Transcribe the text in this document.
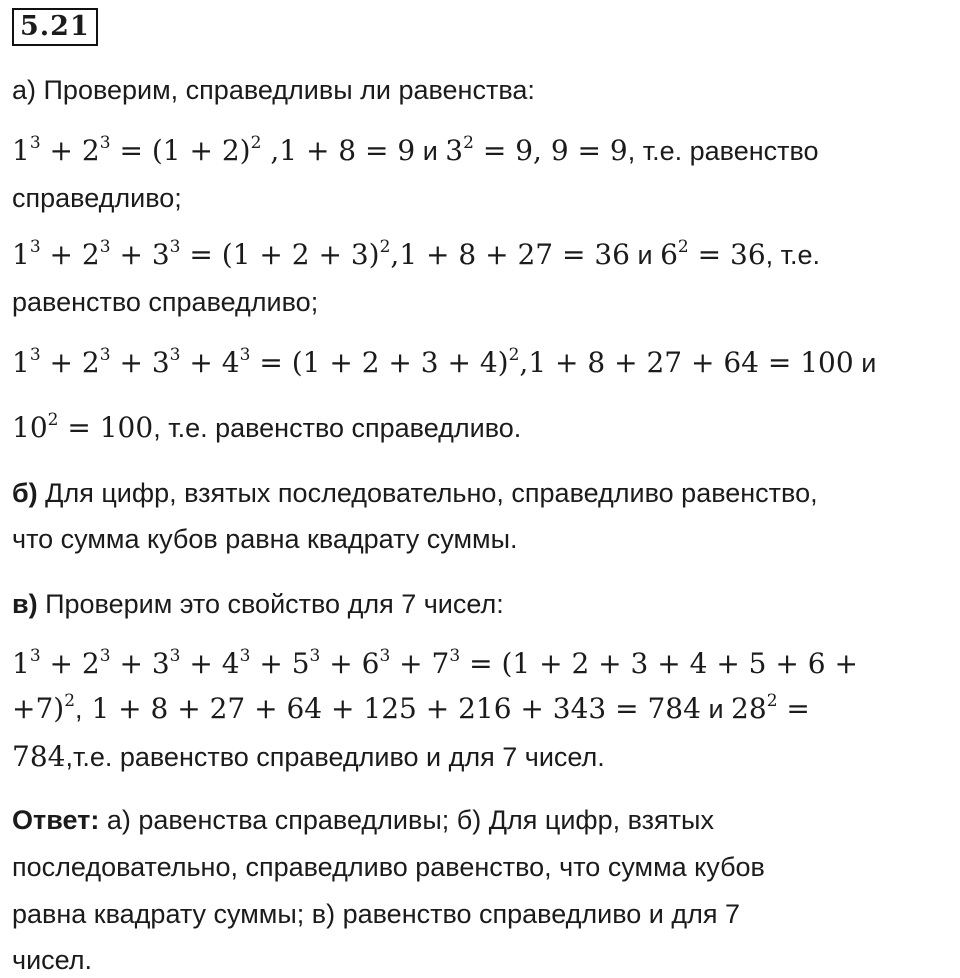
5.21
а) Проверим, справедливы ли равенства:
$1^3 + 2^3 = (1 + 2)^2$ ,1 + 8 = 9 и $3^2 = 9$, 9 = 9, т.е. равенство
справедливо;
$1^3 + 2^3 + 3^3 = (1 + 2 + 3)^2,1 + 8 + 27 = 36$ и $6^2 = 36$, т.е.
равенство справедливо;
$1^3 + 2^3 + 3^3 + 4^3 = (1 + 2 + 3 + 4)^2,1 + 8 + 27 + 64 = 100$ и
$10^2 = 100$, т.е. равенство справедливо.
б) Для цифр, взятых последовательно, справедливо равенство,
что сумма кубов равна квадрату суммы.
в) Проверим это свойство для 7 чисел:
$1^3 + 2^3 + 3^3 + 4^3 + 5^3 + 6^3 + 7^3 = (1 + 2 + 3 + 4 + 5 + 6$ +
+7)$^2$, 1 + 8 + 27 + 64 + 125 + 216 + 343 = 784 и $28^2$ =
784,т.е. равенство справедливо и для 7 чисел.
Ответ: а) равенства справедливы; б) Для цифр, взятых
последовательно, справедливо равенство, что сумма кубов
равна квадрату суммы; в) равенство справедливо и для 7
чисел.
